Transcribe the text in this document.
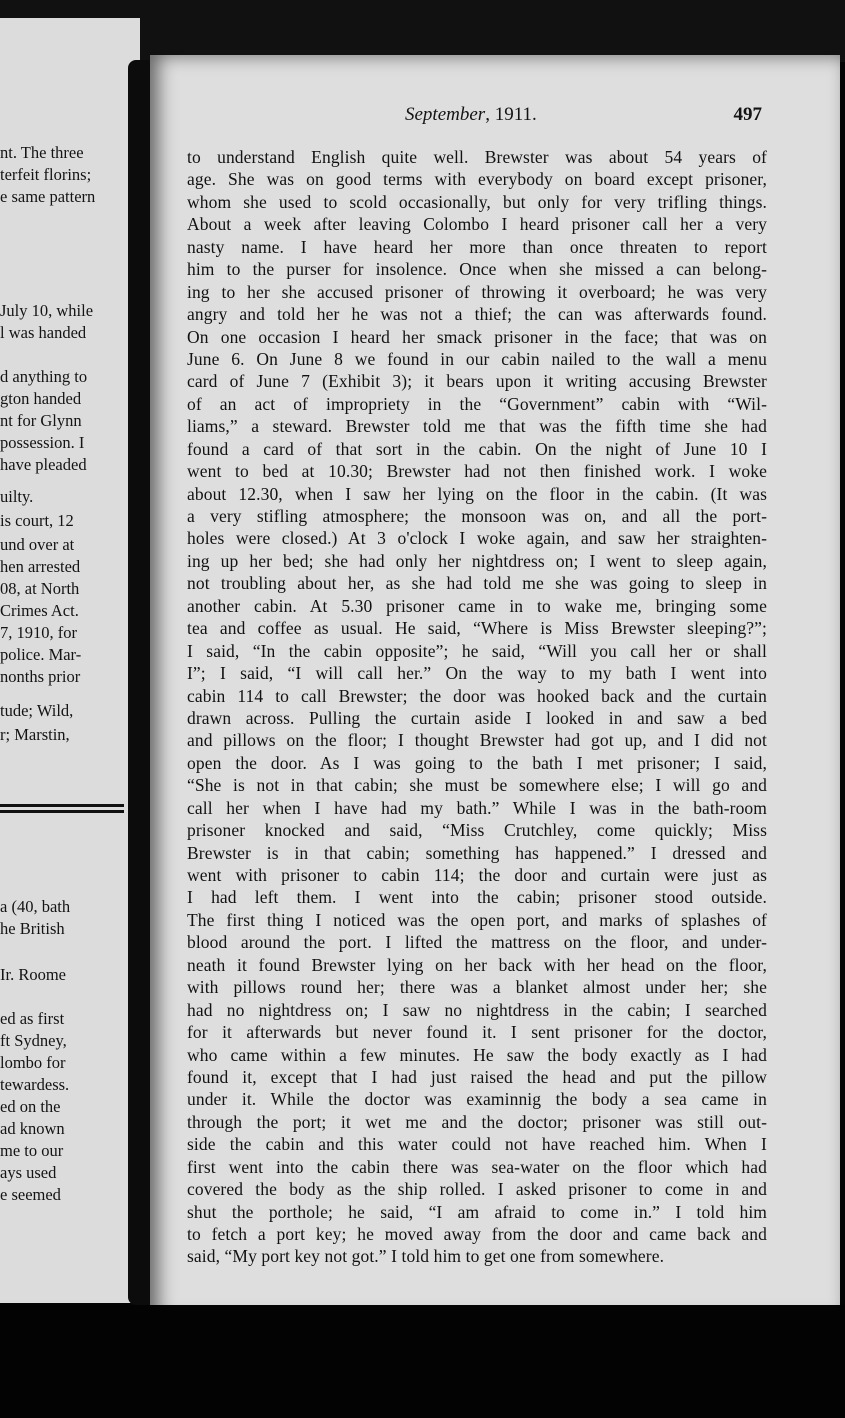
nt. The three
terfeit florins;
e same pattern
July 10, while
l was handed
d anything to
gton handed
nt for Glynn
possession. I
have pleaded
uilty.
is court, 12
und over at
hen arrested
08, at North
Crimes Act.
7, 1910, for
police. Mar-
nonths prior
tude; Wild,
r; Marstin,
a (40, bath
he British
Ir. Roome
ed as first
ft Sydney,
lombo for
tewardess.
ed on the
ad known
me to our
ays used
e seemed
September, 1911.	497
to understand English quite well. Brewster was about 54 years of
age. She was on good terms with everybody on board except prisoner,
whom she used to scold occasionally, but only for very trifling things.
About a week after leaving Colombo I heard prisoner call her a very
nasty name. I have heard her more than once threaten to report
him to the purser for insolence. Once when she missed a can belong-
ing to her she accused prisoner of throwing it overboard; he was very
angry and told her he was not a thief; the can was afterwards found.
On one occasion I heard her smack prisoner in the face; that was on
June 6. On June 8 we found in our cabin nailed to the wall a menu
card of June 7 (Exhibit 3); it bears upon it writing accusing Brewster
of an act of impropriety in the “Government” cabin with “Wil-
liams,” a steward. Brewster told me that was the fifth time she had
found a card of that sort in the cabin. On the night of June 10 I
went to bed at 10.30; Brewster had not then finished work. I woke
about 12.30, when I saw her lying on the floor in the cabin. (It was
a very stifling atmosphere; the monsoon was on, and all the port-
holes were closed.) At 3 o'clock I woke again, and saw her straighten-
ing up her bed; she had only her nightdress on; I went to sleep again,
not troubling about her, as she had told me she was going to sleep in
another cabin. At 5.30 prisoner came in to wake me, bringing some
tea and coffee as usual. He said, “Where is Miss Brewster sleeping?”;
I said, “In the cabin opposite”; he said, “Will you call her or shall
I”; I said, “I will call her.” On the way to my bath I went into
cabin 114 to call Brewster; the door was hooked back and the curtain
drawn across. Pulling the curtain aside I looked in and saw a bed
and pillows on the floor; I thought Brewster had got up, and I did not
open the door. As I was going to the bath I met prisoner; I said,
“She is not in that cabin; she must be somewhere else; I will go and
call her when I have had my bath.” While I was in the bath-room
prisoner knocked and said, “Miss Crutchley, come quickly; Miss
Brewster is in that cabin; something has happened.” I dressed and
went with prisoner to cabin 114; the door and curtain were just as
I had left them. I went into the cabin; prisoner stood outside.
The first thing I noticed was the open port, and marks of splashes of
blood around the port. I lifted the mattress on the floor, and under-
neath it found Brewster lying on her back with her head on the floor,
with pillows round her; there was a blanket almost under her; she
had no nightdress on; I saw no nightdress in the cabin; I searched
for it afterwards but never found it. I sent prisoner for the doctor,
who came within a few minutes. He saw the body exactly as I had
found it, except that I had just raised the head and put the pillow
under it. While the doctor was examinnig the body a sea came in
through the port; it wet me and the doctor; prisoner was still out-
side the cabin and this water could not have reached him. When I
first went into the cabin there was sea-water on the floor which had
covered the body as the ship rolled. I asked prisoner to come in and
shut the porthole; he said, “I am afraid to come in.” I told him
to fetch a port key; he moved away from the door and came back and
said, “My port key not got.” I told him to get one from somewhere.
